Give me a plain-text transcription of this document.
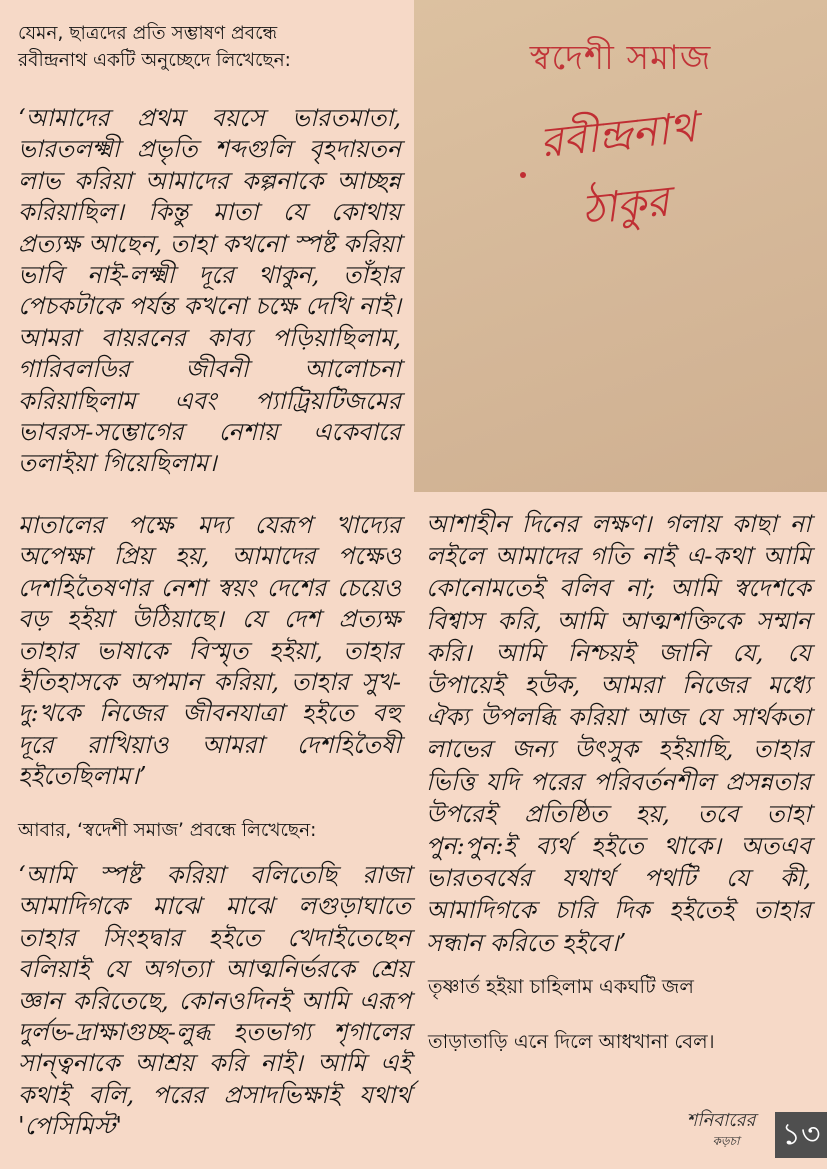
যেমন, ছাত্রদের প্রতি সম্ভাষণ প্রবন্ধে
রবীন্দ্রনাথ একটি অনুচ্ছেদে লিখেছেন:

‘আমাদের প্রথম বয়সে ভারতমাতা, ভারতলক্ষ্মী প্রভৃতি শব্দগুলি বৃহদায়তন লাভ করিয়া আমাদের কল্পনাকে আচ্ছন্ন করিয়াছিল। কিন্তু মাতা যে কোথায় প্রত্যক্ষ আছেন, তাহা কখনো স্পষ্ট করিয়া ভাবি নাই-লক্ষ্মী দূরে থাকুন, তাঁহার পেচকটাকে পর্যন্ত কখনো চক্ষে দেখি নাই। আমরা বায়রনের কাব্য পড়িয়াছিলাম, গারিবলডির জীবনী আলোচনা করিয়াছিলাম এবং প্যাট্রিয়টিজমের ভাবরস-সম্ভোগের নেশায় একেবারে তলাইয়া গিয়েছিলাম।

স্বদেশী সমাজ
রবীন্দ্রনাথ ঠাকুর

মাতালের পক্ষে মদ্য যেরূপ খাদ্যের অপেক্ষা প্রিয় হয়, আমাদের পক্ষেও দেশহিতৈষণার নেশা স্বয়ং দেশের চেয়েও বড় হইয়া উঠিয়াছে। যে দেশ প্রত্যক্ষ তাহার ভাষাকে বিস্মৃত হইয়া, তাহার ইতিহাসকে অপমান করিয়া, তাহার সুখ-দু:খকে নিজের জীবনযাত্রা হইতে বহু দূরে রাখিয়াও আমরা দেশহিতৈষী হইতেছিলাম।’

আবার, ‘স্বদেশী সমাজ’ প্রবন্ধে লিখেছেন:

‘আমি স্পষ্ট করিয়া বলিতেছি রাজা আমাদিগকে মাঝে মাঝে লগুড়াঘাতে তাহার সিংহদ্বার হইতে খেদাইতেছেন বলিয়াই যে অগত্যা আত্মনির্ভরকে শ্রেয় জ্ঞান করিতেছে, কোনওদিনই আমি এরূপ দুর্লভ-দ্রাক্ষাগুচ্ছ-লুব্ধ হতভাগ্য শৃগালের সান্ত্বনাকে আশ্রয় করি নাই। আমি এই কথাই বলি, পরের প্রসাদভিক্ষাই যথার্থ 'পেসিমিস্ট'

আশাহীন দিনের লক্ষণ। গলায় কাছা না লইলে আমাদের গতি নাই এ-কথা আমি কোনোমতেই বলিব না; আমি স্বদেশকে বিশ্বাস করি, আমি আত্মশক্তিকে সম্মান করি। আমি নিশ্চয়ই জানি যে, যে উপায়েই হউক, আমরা নিজের মধ্যে ঐক্য উপলব্ধি করিয়া আজ যে সার্থকতা লাভের জন্য উৎসুক হইয়াছি, তাহার ভিত্তি যদি পরের পরিবর্তনশীল প্রসন্নতার উপরেই প্রতিষ্ঠিত হয়, তবে তাহা পুন:পুন:ই ব্যর্থ হইতে থাকে। অতএব ভারতবর্ষের যথার্থ পথটি যে কী, আমাদিগকে চারি দিক হইতেই তাহার সন্ধান করিতে হইবে।’

তৃষ্ণার্ত হইয়া চাহিলাম একঘটি জল

তাড়াতাড়ি এনে দিলে আধখানা বেল।

শনিবারের
কড়চা	১৩
